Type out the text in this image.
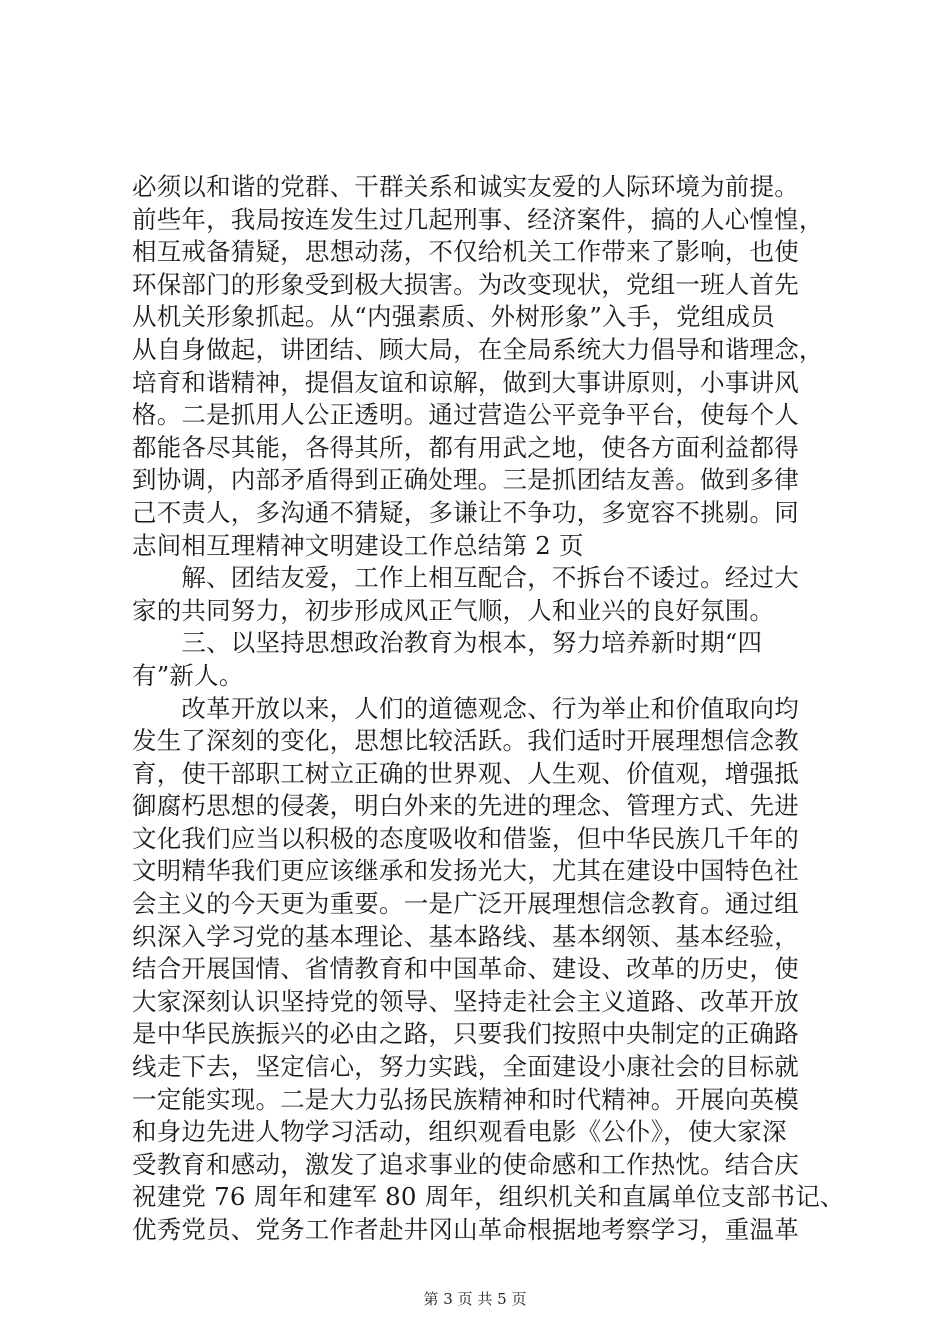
必须以和谐的党群、干群关系和诚实友爱的人际环境为前提。
前些年，我局按连发生过几起刑事、经济案件，搞的人心惶惶，
相互戒备猜疑，思想动荡，不仅给机关工作带来了影响，也使
环保部门的形象受到极大损害。为改变现状，党组一班人首先
从机关形象抓起。从“内强素质、外树形象”入手，党组成员
从自身做起，讲团结、顾大局，在全局系统大力倡导和谐理念，
培育和谐精神，提倡友谊和谅解，做到大事讲原则，小事讲风
格。二是抓用人公正透明。通过营造公平竞争平台，使每个人
都能各尽其能，各得其所，都有用武之地，使各方面利益都得
到协调，内部矛盾得到正确处理。三是抓团结友善。做到多律
己不责人，多沟通不猜疑，多谦让不争功，多宽容不挑剔。同
志间相互理精神文明建设工作总结第 2 页
　　解、团结友爱，工作上相互配合，不拆台不诿过。经过大
家的共同努力，初步形成风正气顺，人和业兴的良好氛围。
　　三、以坚持思想政治教育为根本，努力培养新时期“四
有”新人。
　　改革开放以来，人们的道德观念、行为举止和价值取向均
发生了深刻的变化，思想比较活跃。我们适时开展理想信念教
育，使干部职工树立正确的世界观、人生观、价值观，增强抵
御腐朽思想的侵袭，明白外来的先进的理念、管理方式、先进
文化我们应当以积极的态度吸收和借鉴，但中华民族几千年的
文明精华我们更应该继承和发扬光大，尤其在建设中国特色社
会主义的今天更为重要。一是广泛开展理想信念教育。通过组
织深入学习党的基本理论、基本路线、基本纲领、基本经验，
结合开展国情、省情教育和中国革命、建设、改革的历史，使
大家深刻认识坚持党的领导、坚持走社会主义道路、改革开放
是中华民族振兴的必由之路，只要我们按照中央制定的正确路
线走下去，坚定信心，努力实践，全面建设小康社会的目标就
一定能实现。二是大力弘扬民族精神和时代精神。开展向英模
和身边先进人物学习活动，组织观看电影《公仆》，使大家深
受教育和感动，激发了追求事业的使命感和工作热忱。结合庆
祝建党 76 周年和建军 80 周年，组织机关和直属单位支部书记、
优秀党员、党务工作者赴井冈山革命根据地考察学习，重温革
第 3 页 共 5 页
